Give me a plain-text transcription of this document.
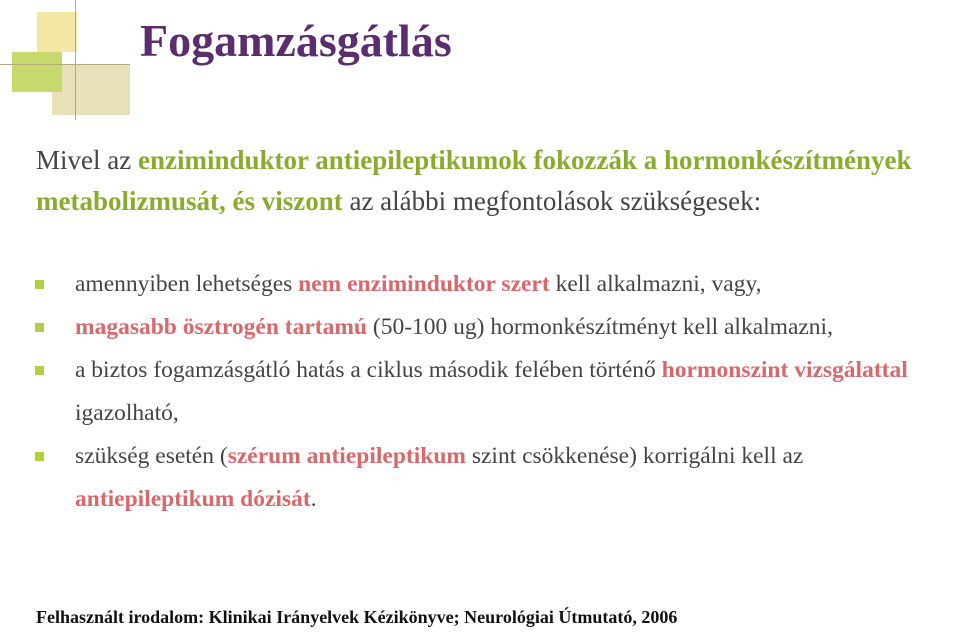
Fogamzásgátlás
Mivel az enziminduktor antiepileptikumok fokozzák a hormonkészítmények metabolizmusát, és viszont az alábbi megfontolások szükségesek:
amennyiben lehetséges nem enziminduktor szert kell alkalmazni, vagy,
magasabb ösztrogén tartamú (50-100 ug) hormonkészítményt kell alkalmazni,
a biztos fogamzásgátló hatás a ciklus második felében történő hormonszint vizsgálattal igazolható,
szükség esetén (szérum antiepileptikum szint csökkenése) korrigálni kell az antiepileptikum dózisát.
Felhasznált irodalom: Klinikai Irányelvek Kézikönyve; Neurológiai Útmutató, 2006
